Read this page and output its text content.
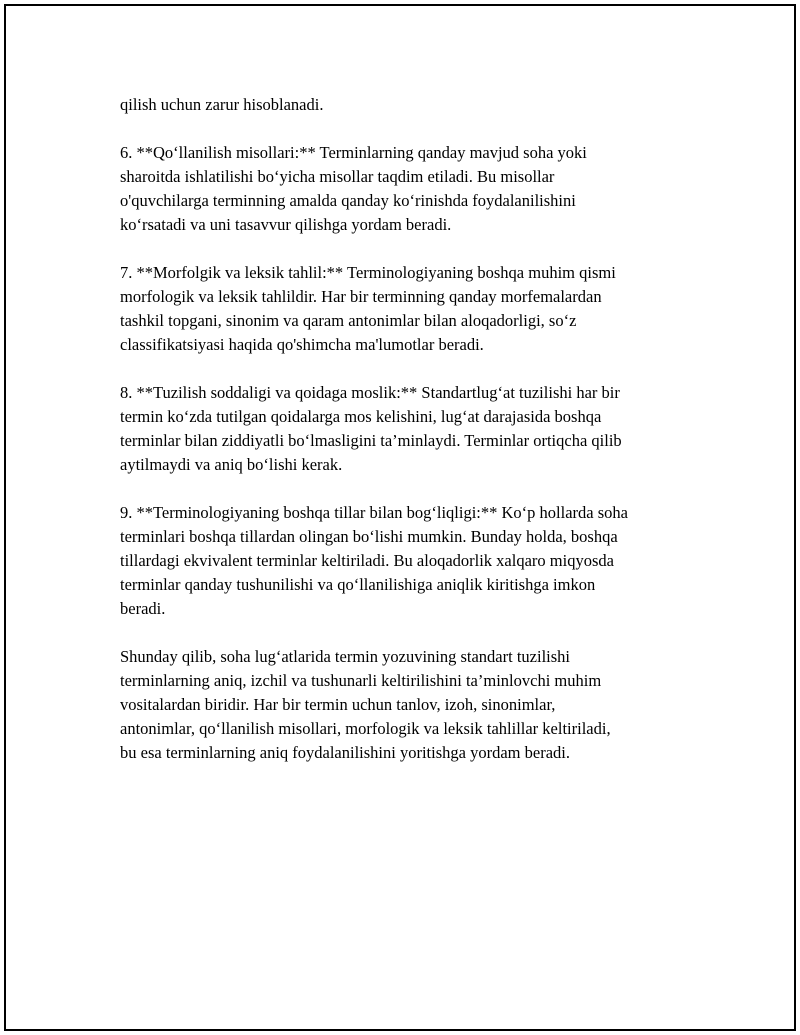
qilish uchun zarur hisoblanadi.

6. **Qo‘llanilish misollari:** Terminlarning qanday mavjud soha yoki
sharoitda ishlatilishi bo‘yicha misollar taqdim etiladi. Bu misollar
o'quvchilarga terminning amalda qanday ko‘rinishda foydalanilishini
ko‘rsatadi va uni tasavvur qilishga yordam beradi.

7. **Morfolgik va leksik tahlil:** Terminologiyaning boshqa muhim qismi
morfologik va leksik tahlildir. Har bir terminning qanday morfemalardan
tashkil topgani, sinonim va qaram antonimlar bilan aloqadorligi, so‘z
classifikatsiyasi haqida qo'shimcha ma'lumotlar beradi.

8. **Tuzilish soddaligi va qoidaga moslik:** Standartlug‘at tuzilishi har bir
termin ko‘zda tutilgan qoidalarga mos kelishini, lug‘at darajasida boshqa
terminlar bilan ziddiyatli bo‘lmasligini ta’minlaydi. Terminlar ortiqcha qilib
aytilmaydi va aniq bo‘lishi kerak.

9. **Terminologiyaning boshqa tillar bilan bog‘liqligi:** Ko‘p hollarda soha
terminlari boshqa tillardan olingan bo‘lishi mumkin. Bunday holda, boshqa
tillardagi ekvivalent terminlar keltiriladi. Bu aloqadorlik xalqaro miqyosda
terminlar qanday tushunilishi va qo‘llanilishiga aniqlik kiritishga imkon
beradi.

Shunday qilib, soha lug‘atlarida termin yozuvining standart tuzilishi
terminlarning aniq, izchil va tushunarli keltirilishini ta’minlovchi muhim
vositalardan biridir. Har bir termin uchun tanlov, izoh, sinonimlar,
antonimlar, qo‘llanilish misollari, morfologik va leksik tahlillar keltiriladi,
bu esa terminlarning aniq foydalanilishini yoritishga yordam beradi.
